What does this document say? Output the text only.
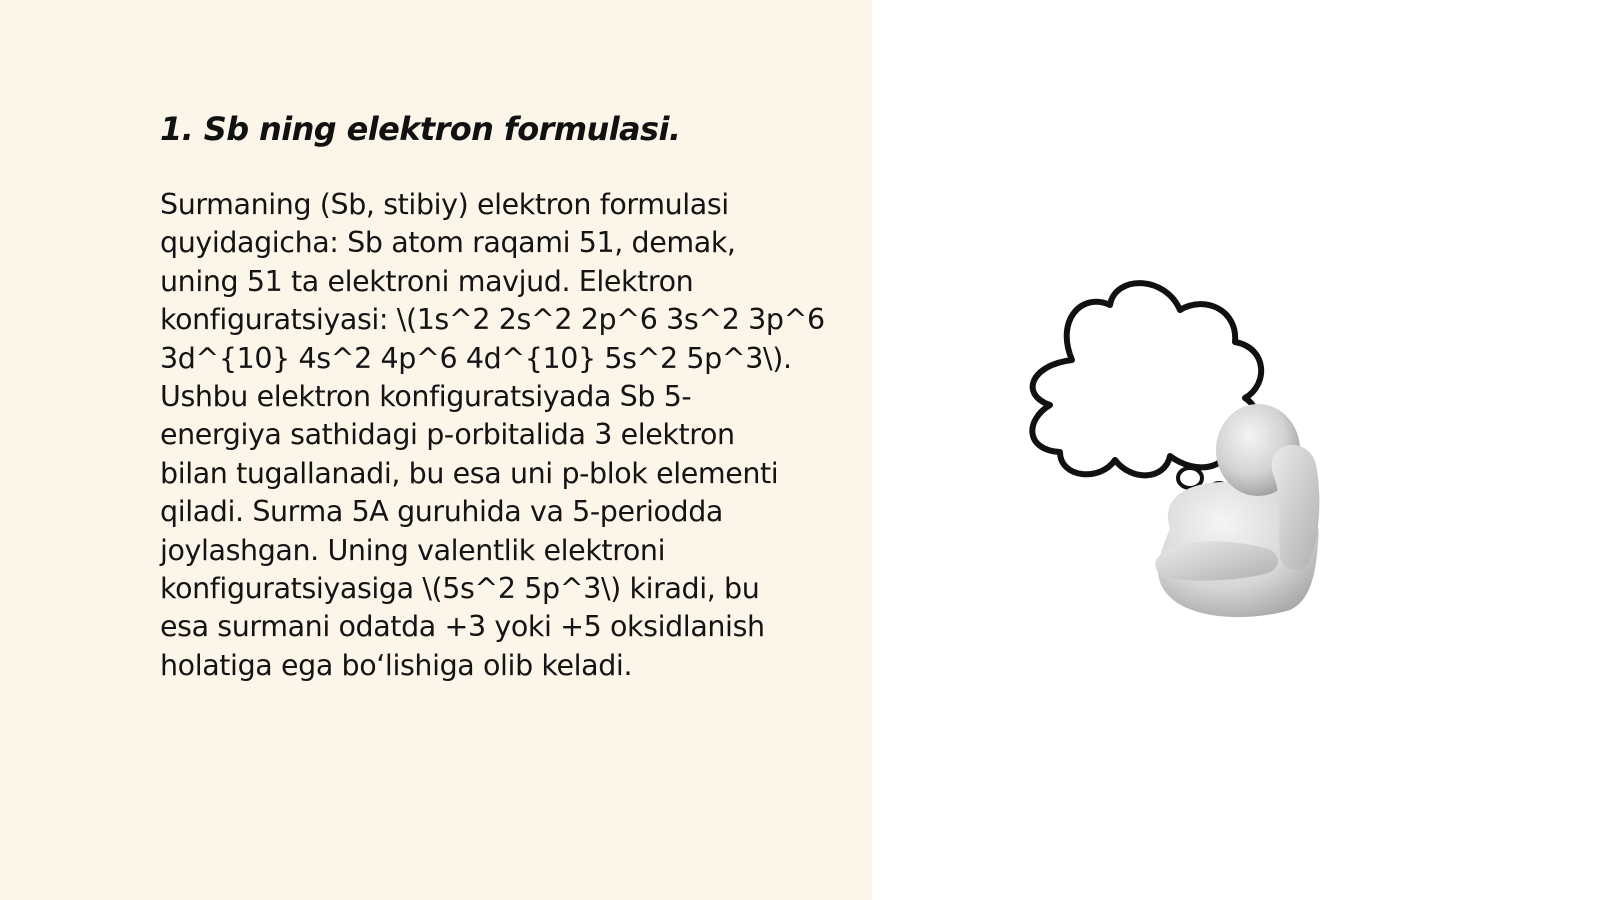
1. Sb ning elektron formulasi.

Surmaning (Sb, stibiy) elektron formulasi
quyidagicha: Sb atom raqami 51, demak,
uning 51 ta elektroni mavjud. Elektron
konfiguratsiyasi: \(1s^2 2s^2 2p^6 3s^2 3p^6
3d^{10} 4s^2 4p^6 4d^{10} 5s^2 5p^3\).
Ushbu elektron konfiguratsiyada Sb 5-
energiya sathidagi p-orbitalida 3 elektron
bilan tugallanadi, bu esa uni p-blok elementi
qiladi. Surma 5A guruhida va 5-periodda
joylashgan. Uning valentlik elektroni
konfiguratsiyasiga \(5s^2 5p^3\) kiradi, bu
esa surmani odatda +3 yoki +5 oksidlanish
holatiga ega bo‘lishiga olib keladi.
